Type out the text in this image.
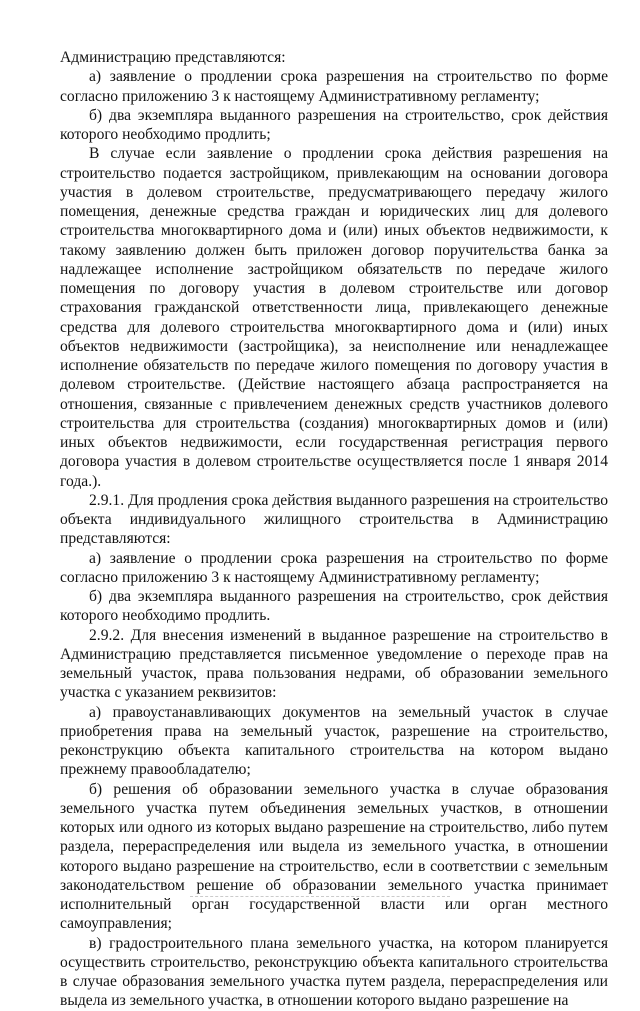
Администрацию представляются:

а) заявление о продлении срока разрешения на строительство по форме согласно приложению 3 к настоящему Административному регламенту;

б) два экземпляра выданного разрешения на строительство, срок действия которого необходимо продлить;

В случае если заявление о продлении срока действия разрешения на строительство подается застройщиком, привлекающим на основании договора участия в долевом строительстве, предусматривающего передачу жилого помещения, денежные средства граждан и юридических лиц для долевого строительства многоквартирного дома и (или) иных объектов недвижимости, к такому заявлению должен быть приложен договор поручительства банка за надлежащее исполнение застройщиком обязательств по передаче жилого помещения по договору участия в долевом строительстве или договор страхования гражданской ответственности лица, привлекающего денежные средства для долевого строительства многоквартирного дома и (или) иных объектов недвижимости (застройщика), за неисполнение или ненадлежащее исполнение обязательств по передаче жилого помещения по договору участия в долевом строительстве. (Действие настоящего абзаца распространяется на отношения, связанные с привлечением денежных средств участников долевого строительства для строительства (создания) многоквартирных домов и (или) иных объектов недвижимости, если государственная регистрация первого договора участия в долевом строительстве осуществляется после 1 января 2014 года.).

2.9.1. Для продления срока действия выданного разрешения на строительство объекта индивидуального жилищного строительства в Администрацию представляются:

а) заявление о продлении срока разрешения на строительство по форме согласно приложению 3 к настоящему Административному регламенту;

б) два экземпляра выданного разрешения на строительство, срок действия которого необходимо продлить.

2.9.2. Для внесения изменений в выданное разрешение на строительство в Администрацию представляется письменное уведомление о переходе прав на земельный участок, права пользования недрами, об образовании земельного участка с указанием реквизитов:

а) правоустанавливающих документов на земельный участок в случае приобретения права на земельный участок, разрешение на строительство, реконструкцию объекта капитального строительства на котором выдано прежнему правообладателю;

б) решения об образовании земельного участка в случае образования земельного участка путем объединения земельных участков, в отношении которых или одного из которых выдано разрешение на строительство, либо путем раздела, перераспределения или выдела из земельного участка, в отношении которого выдано разрешение на строительство, если в соответствии с земельным законодательством решение об образовании земельного участка принимает исполнительный орган государственной власти или орган местного самоуправления;

в) градостроительного плана земельного участка, на котором планируется осуществить строительство, реконструкцию объекта капитального строительства в случае образования земельного участка путем раздела, перераспределения или выдела из земельного участка, в отношении которого выдано разрешение на
